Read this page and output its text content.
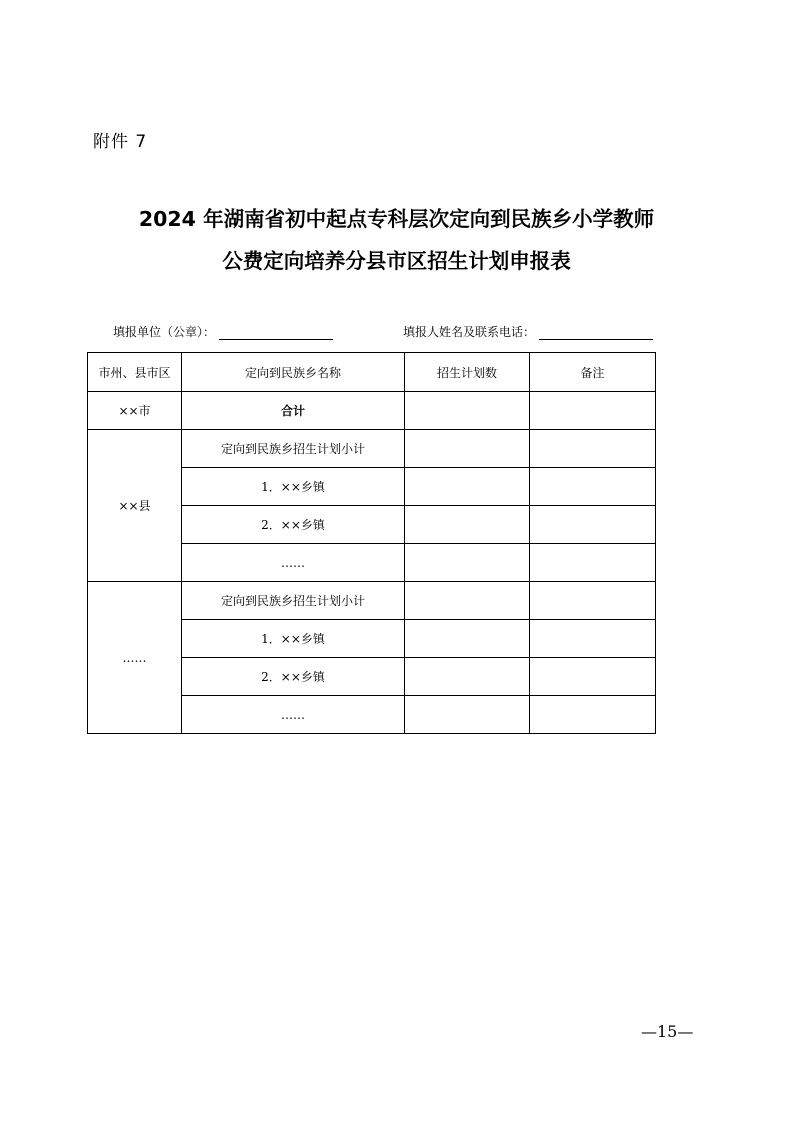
附件 7
2024 年湖南省初中起点专科层次定向到民族乡小学教师
公费定向培养分县市区招生计划申报表
填报单位（公章）：	填报人姓名及联系电话：
市州、县市区	定向到民族乡名称	招生计划数	备注
××市	合计		
××县	定向到民族乡招生计划小计		
	1．××乡镇		
	2．××乡镇		
	……		
……	定向到民族乡招生计划小计		
	1．××乡镇		
	2．××乡镇		
	……		
—15—
